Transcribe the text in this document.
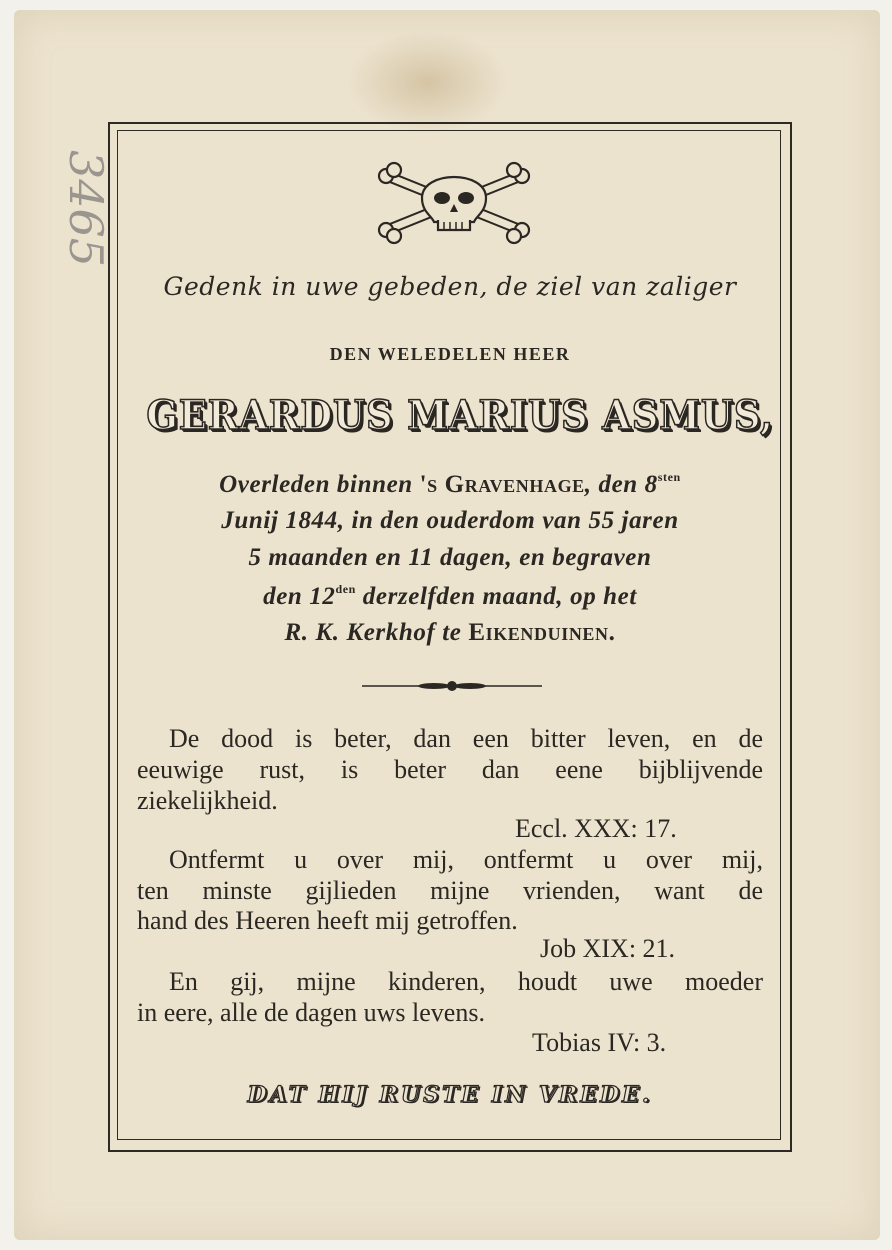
3465
Gedenk in uwe gebeden, de ziel van zaliger
DEN WELEDELEN HEER
GERARDUS MARIUS ASMUS,
Overleden binnen 's Gravenhage, den $8^{sten}$
Junij 1844, in den ouderdom van 55 jaren
5 maanden en 11 dagen, en begraven
den $12^{den}$ derzelfden maand, op het
R. K. Kerkhof te Eikenduinen.
De dood is beter, dan een bitter leven, en de
eeuwige rust, is beter dan eene bijblijvende
ziekelijkheid.
Eccl. XXX: 17.
Ontfermt u over mij, ontfermt u over mij,
ten minste gijlieden mijne vrienden, want de
hand des Heeren heeft mij getroffen.
Job XIX: 21.
En gij, mijne kinderen, houdt uwe moeder
in eere, alle de dagen uws levens.
Tobias IV: 3.
DAT HIJ RUSTE IN VREDE.
